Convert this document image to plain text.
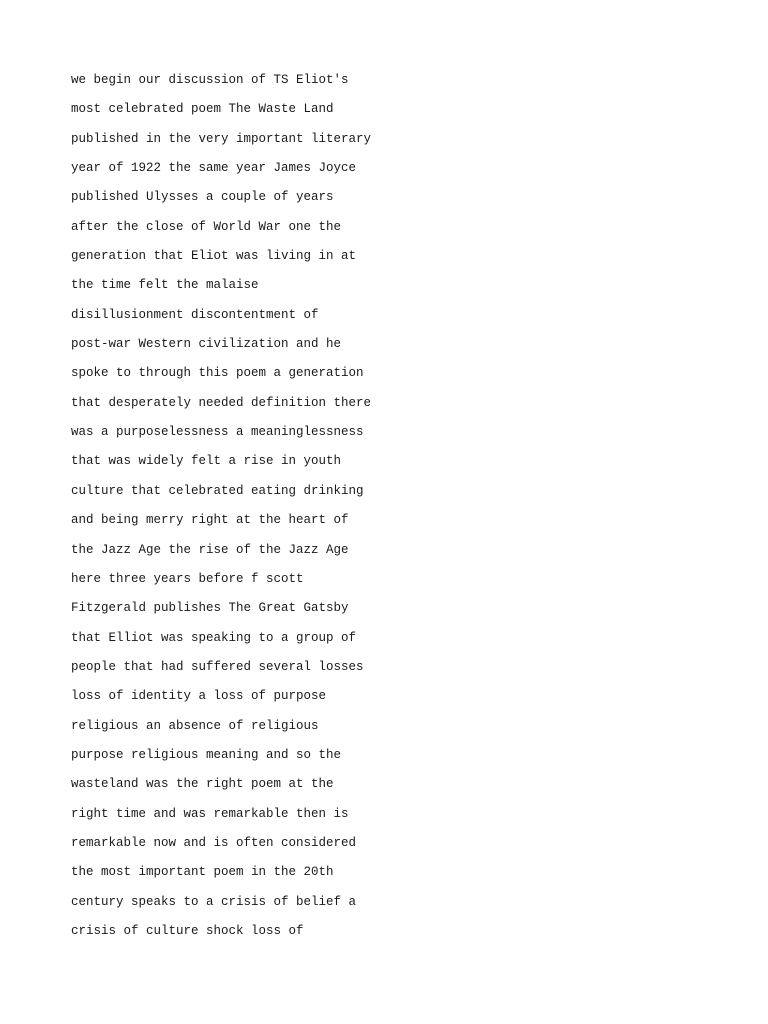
we begin our discussion of TS Eliot's
most celebrated poem The Waste Land
published in the very important literary
year of 1922 the same year James Joyce
published Ulysses a couple of years
after the close of World War one the
generation that Eliot was living in at
the time felt the malaise
disillusionment discontentment of
post-war Western civilization and he
spoke to through this poem a generation
that desperately needed definition there
was a purposelessness a meaninglessness
that was widely felt a rise in youth
culture that celebrated eating drinking
and being merry right at the heart of
the Jazz Age the rise of the Jazz Age
here three years before f scott
Fitzgerald publishes The Great Gatsby
that Elliot was speaking to a group of
people that had suffered several losses
loss of identity a loss of purpose
religious an absence of religious
purpose religious meaning and so the
wasteland was the right poem at the
right time and was remarkable then is
remarkable now and is often considered
the most important poem in the 20th
century speaks to a crisis of belief a
crisis of culture shock loss of
